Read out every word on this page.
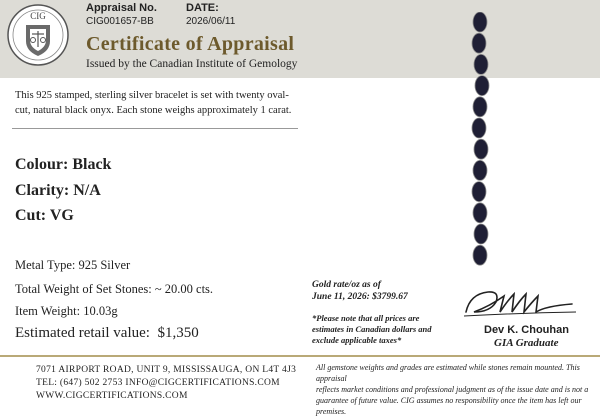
CIG
Appraisal No.
CIG001657-BB
DATE:
2026/06/11
Certificate of Appraisal
Issued by the Canadian Institute of Gemology
This 925 stamped, sterling silver bracelet is set with twenty oval-
cut, natural black onyx. Each stone weighs approximately 1 carat.
Colour: Black
Clarity: N/A
Cut: VG
Metal Type: 925 Silver
Total Weight of Set Stones: ~ 20.00 cts.
Item Weight: 10.03g
Estimated retail value: $1,350
Gold rate/oz as of
June 11, 2026: $3799.67
*Please note that all prices are
estimates in Canadian dollars and
exclude applicable taxes*
Dev K. Chouhan
GIA Graduate
7071 AIRPORT ROAD, UNIT 9, MISSISSAUGA, ON L4T 4J3
TEL: (647) 502 2753 INFO@CIGCERTIFICATIONS.COM
WWW.CIGCERTIFICATIONS.COM
All gemstone weights and grades are estimated while stones remain mounted. This appraisal
reflects market conditions and professional judgment as of the issue date and is not a
guarantee of future value. CIG assumes no responsibility once the item has left our premises.
